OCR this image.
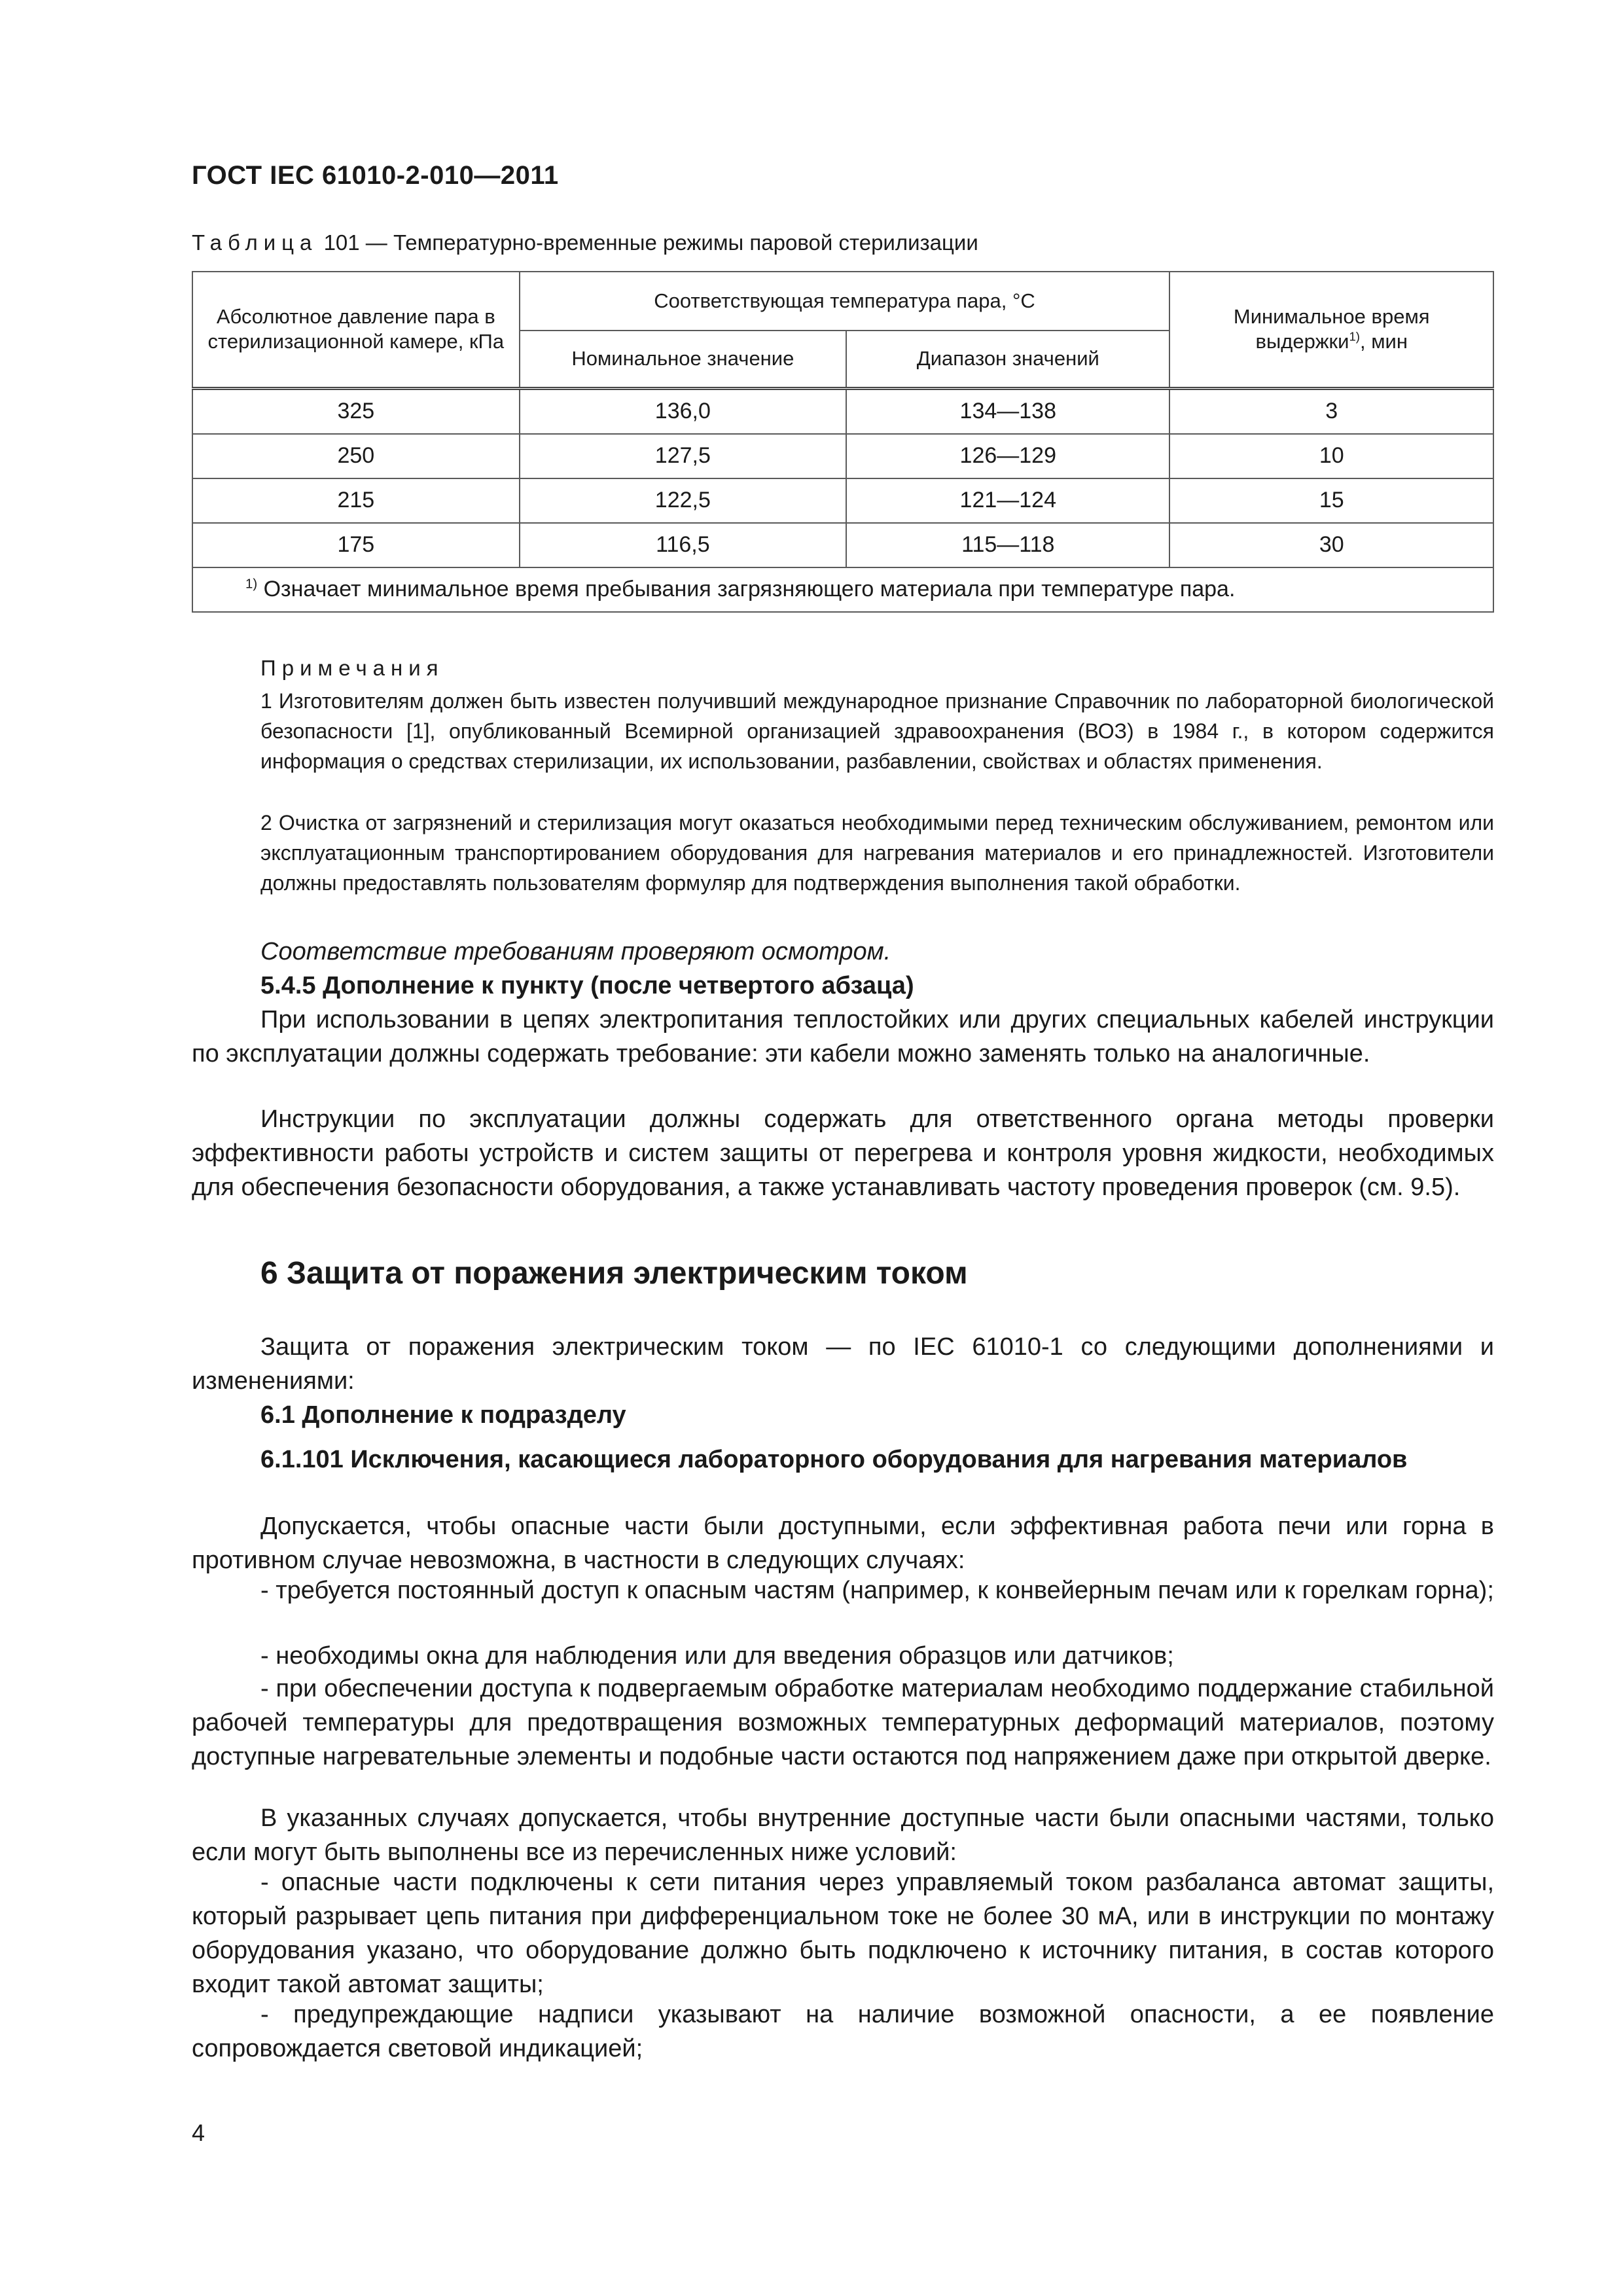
ГОСТ IEC 61010-2-010—2011
Таблица 101 — Температурно-временные режимы паровой стерилизации
Абсолютное давление пара в стерилизационной камере, кПа	Соответствующая температура пара, °С		Минимальное время выдержки$^{1)}$, мин
	Номинальное значение	Диапазон значений	
325	136,0	134—138	3
250	127,5	126—129	10
215	122,5	121—124	15
175	116,5	115—118	30
$^{1)}$ Означает минимальное время пребывания загрязняющего материала при температуре пара.			
Примечания
1 Изготовителям должен быть известен получивший международное признание Справочник по лабораторной биологической безопасности [1], опубликованный Всемирной организацией здравоохранения (ВОЗ) в 1984 г., в котором содержится информация о средствах стерилизации, их использовании, разбавлении, свойствах и областях применения.
2 Очистка от загрязнений и стерилизация могут оказаться необходимыми перед техническим обслуживанием, ремонтом или эксплуатационным транспортированием оборудования для нагревания материалов и его принадлежностей. Изготовители должны предоставлять пользователям формуляр для подтверждения выполнения такой обработки.
Соответствие требованиям проверяют осмотром.
5.4.5 Дополнение к пункту (после четвертого абзаца)
При использовании в цепях электропитания теплостойких или других специальных кабелей инструкции по эксплуатации должны содержать требование: эти кабели можно заменять только на аналогичные.
Инструкции по эксплуатации должны содержать для ответственного органа методы проверки эффективности работы устройств и систем защиты от перегрева и контроля уровня жидкости, необходимых для обеспечения безопасности оборудования, а также устанавливать частоту проведения проверок (см. 9.5).
6 Защита от поражения электрическим током
Защита от поражения электрическим током — по IEC 61010-1 со следующими дополнениями и изменениями:
6.1 Дополнение к подразделу
6.1.101 Исключения, касающиеся лабораторного оборудования для нагревания материалов
Допускается, чтобы опасные части были доступными, если эффективная работа печи или горна в противном случае невозможна, в частности в следующих случаях:
- требуется постоянный доступ к опасным частям (например, к конвейерным печам или к горелкам горна);
- необходимы окна для наблюдения или для введения образцов или датчиков;
- при обеспечении доступа к подвергаемым обработке материалам необходимо поддержание стабильной рабочей температуры для предотвращения возможных температурных деформаций материалов, поэтому доступные нагревательные элементы и подобные части остаются под напряжением даже при открытой дверке.
В указанных случаях допускается, чтобы внутренние доступные части были опасными частями, только если могут быть выполнены все из перечисленных ниже условий:
- опасные части подключены к сети питания через управляемый током разбаланса автомат защиты, который разрывает цепь питания при дифференциальном токе не более 30 мА, или в инструкции по монтажу оборудования указано, что оборудование должно быть подключено к источнику питания, в состав которого входит такой автомат защиты;
- предупреждающие надписи указывают на наличие возможной опасности, а ее появление сопровождается световой индикацией;
4
